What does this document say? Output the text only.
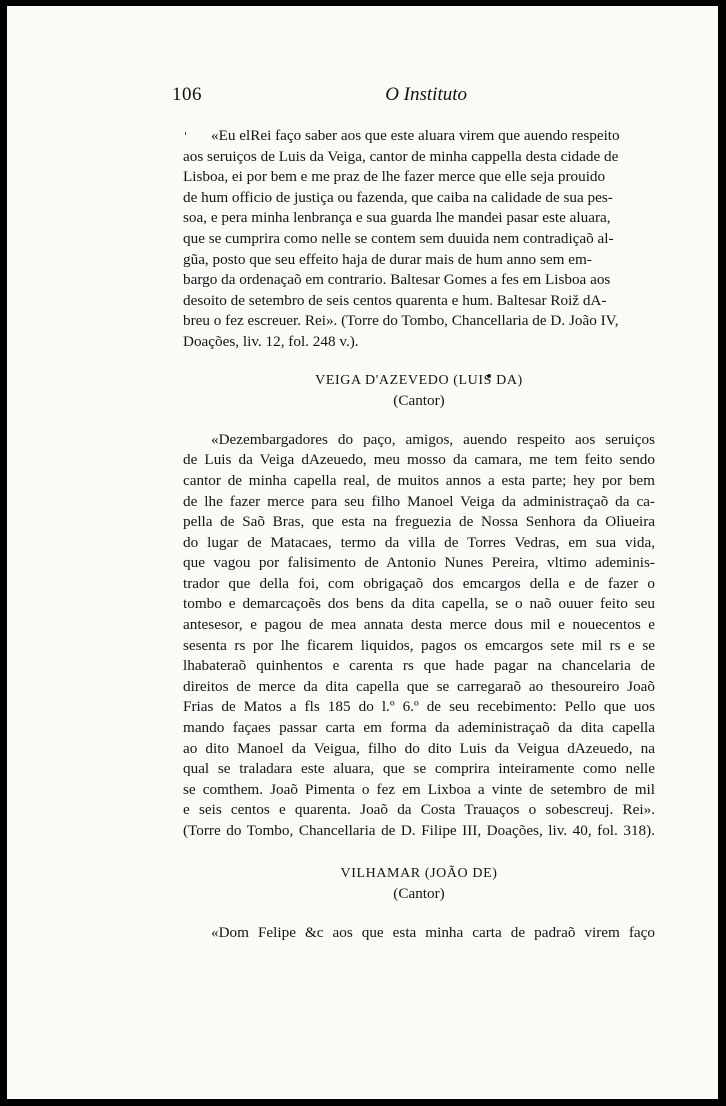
106	O Instituto

«Eu elRei faço saber aos que este aluara virem que auendo respeito
aos seruiços de Luis da Veiga, cantor de minha cappella desta cidade de
Lisboa, ei por bem e me praz de lhe fazer merce que elle seja prouido
de hum officio de justiça ou fazenda, que caiba na calidade de sua pes-
soa, e pera minha lenbrança e sua guarda lhe mandei pasar este aluara,
que se cumprira como nelle se contem sem duuida nem contradiçaõ al-
gũa, posto que seu effeito haja de durar mais de hum anno sem em-
bargo da ordenaçaõ em contrario. Baltesar Gomes a fes em Lisboa aos
desoito de setembro de seis centos quarenta e hum. Baltesar Roiž dA-
breu o fez escreuer. Rei». (Torre do Tombo, Chancellaria de D. João IV,
Doações, liv. 12, fol. 248 v.).

VEIGA D'AZEVEDO (LUIS DA)

(Cantor)

«Dezembargadores do paço, amigos, auendo respeito aos seruiços
de Luis da Veiga dAzeuedo, meu mosso da camara, me tem feito sendo
cantor de minha capella real, de muitos annos a esta parte; hey por bem
de lhe fazer merce para seu filho Manoel Veiga da administraçaõ da ca-
pella de Saõ Bras, que esta na freguezia de Nossa Senhora da Olìueira
do lugar de Matacaes, termo da villa de Torres Vedras, em sua vida,
que vagou por falisimento de Antonio Nunes Pereira, vltimo ademinis-
trador que della foi, com obrigaçaõ dos emcargos della e de fazer o
tombo e demarcaçoẽs dos bens da dita capella, se o naõ ouuer feito seu
antesesor, e pagou de mea annata desta merce dous mil e nouecentos e
sesenta rs por lhe ficarem liquidos, pagos os emcargos sete mil rs e se
lhabateraõ quinhentos e carenta rs que hade pagar na chancelaria de
direitos de merce da dita capella que se carregaraõ ao thesoureiro Joaõ
Frias de Matos a fls 185 do l.º 6.º de seu recebimento: Pello que uos
mando façaes passar carta em forma da adeministraçaõ da dita capella
ao dito Manoel da Veigua, filho do dito Luis da Veigua dAzeuedo, na
qual se traladara este aluara, que se comprira inteiramente como nelle
se comthem. Joaõ Pimenta o fez em Lixboa a vinte de setembro de mil
e seis centos e quarenta. Joaõ da Costa Trauaços o sobescreuj. Rei».
(Torre do Tombo, Chancellaria de D. Filipe III, Doações, liv. 40, fol. 318).

VILHAMAR (JOÃO DE)

(Cantor)

«Dom Felipe &c aos que esta minha carta de padraõ virem faço
